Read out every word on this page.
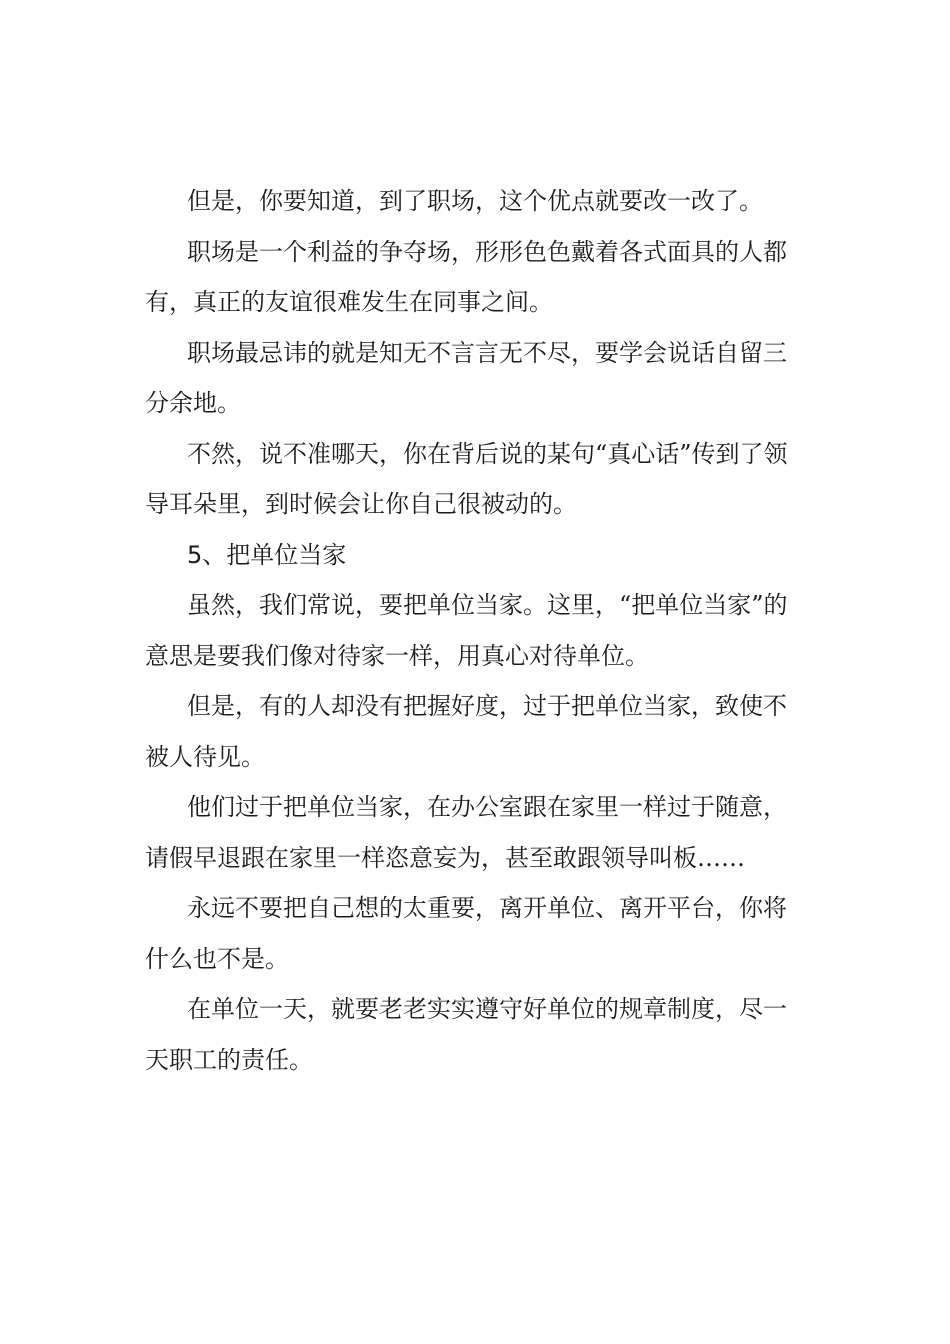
但是，你要知道，到了职场，这个优点就要改一改了。

职场是一个利益的争夺场，形形色色戴着各式面具的人都有，真正的友谊很难发生在同事之间。

职场最忌讳的就是知无不言言无不尽，要学会说话自留三分余地。

不然，说不准哪天，你在背后说的某句“真心话”传到了领导耳朵里，到时候会让你自己很被动的。

5、把单位当家

虽然，我们常说，要把单位当家。这里，“把单位当家”的意思是要我们像对待家一样，用真心对待单位。

但是，有的人却没有把握好度，过于把单位当家，致使不被人待见。

他们过于把单位当家，在办公室跟在家里一样过于随意，请假早退跟在家里一样恣意妄为，甚至敢跟领导叫板……

永远不要把自己想的太重要，离开单位、离开平台，你将什么也不是。

在单位一天，就要老老实实遵守好单位的规章制度，尽一天职工的责任。
